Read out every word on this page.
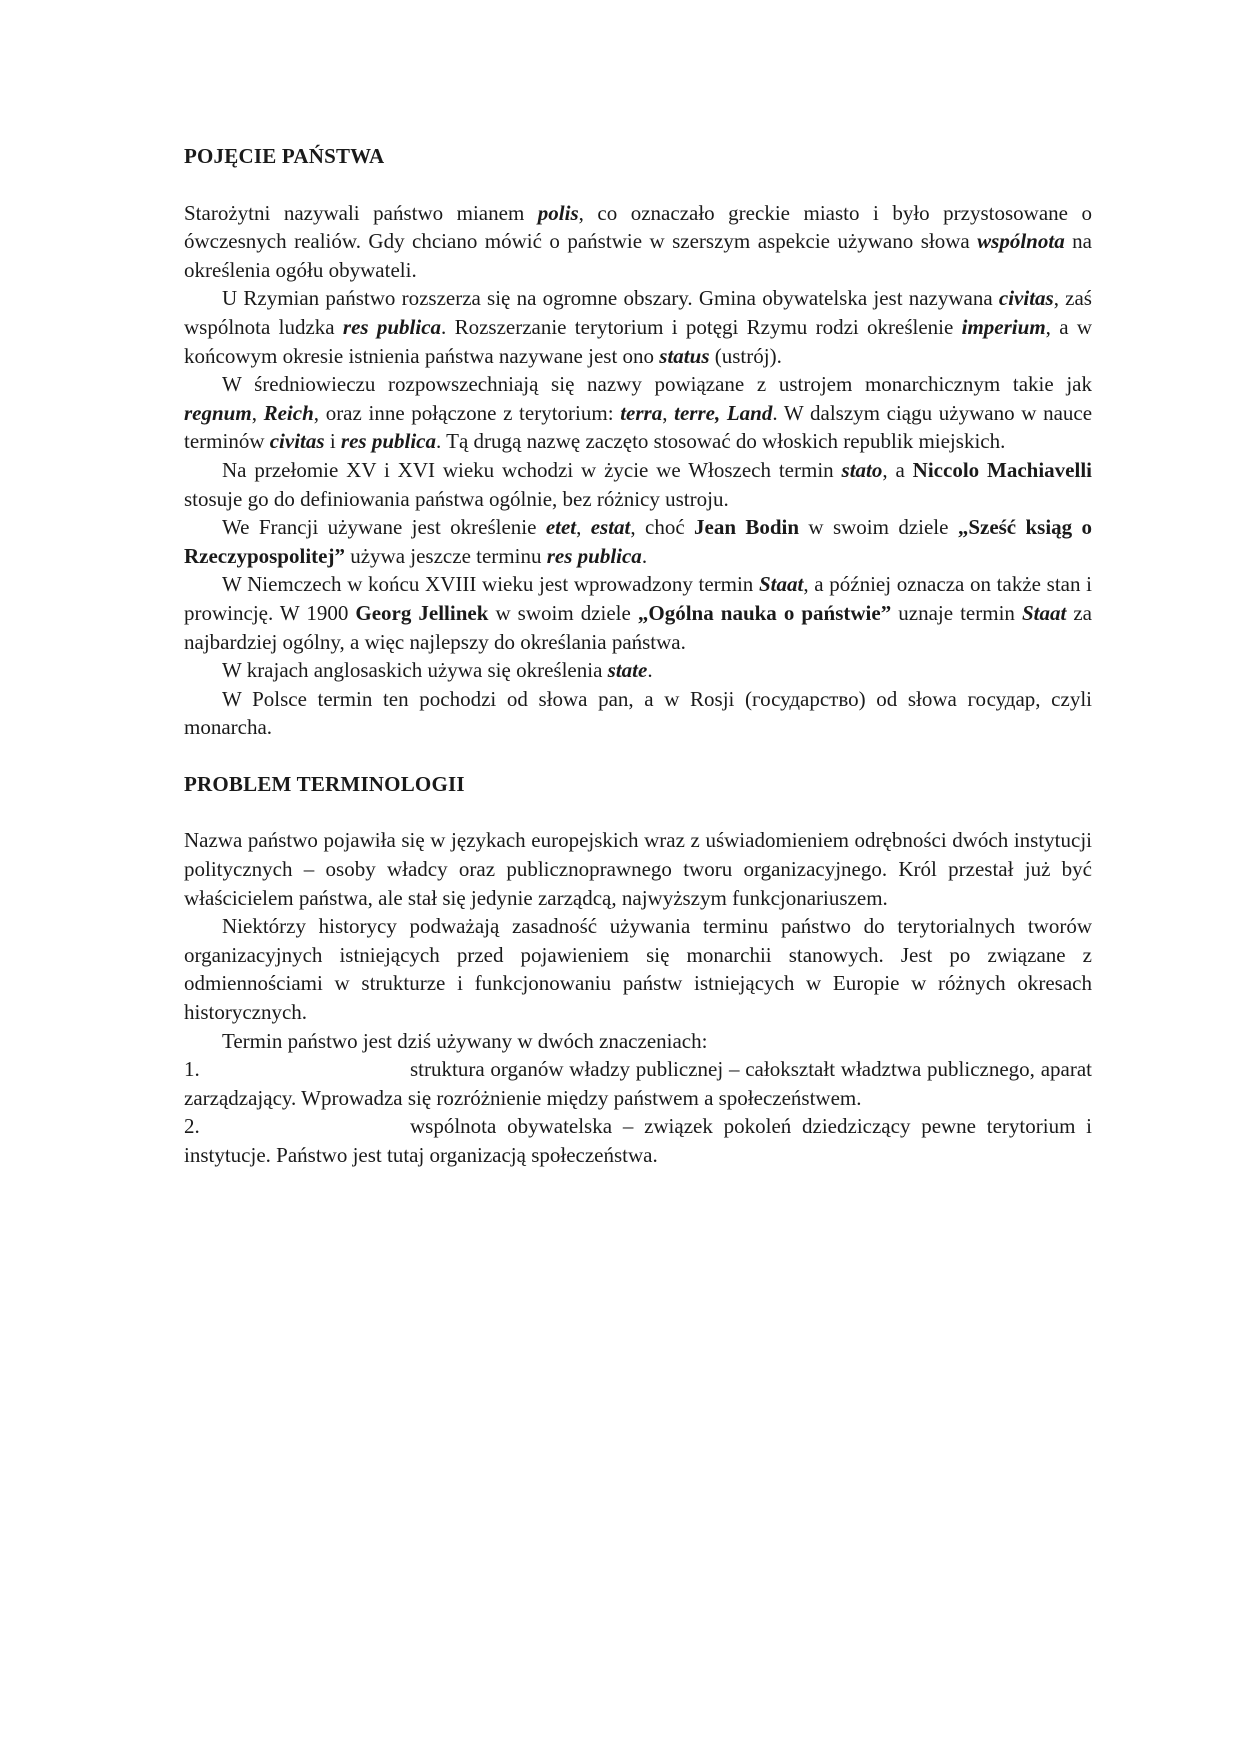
POJĘCIE PAŃSTWA

Starożytni nazywali państwo mianem polis, co oznaczało greckie miasto i było przystosowane o ówczesnych realiów. Gdy chciano mówić o państwie w szerszym aspekcie używano słowa wspólnota na określenia ogółu obywateli.

U Rzymian państwo rozszerza się na ogromne obszary. Gmina obywatelska jest nazywana civitas, zaś wspólnota ludzka res publica. Rozszerzanie terytorium i potęgi Rzymu rodzi określenie imperium, a w końcowym okresie istnienia państwa nazywane jest ono status (ustrój).

W średniowieczu rozpowszechniają się nazwy powiązane z ustrojem monarchicznym takie jak regnum, Reich, oraz inne połączone z terytorium: terra, terre, Land. W dalszym ciągu używano w nauce terminów civitas i res publica. Tą drugą nazwę zaczęto stosować do włoskich republik miejskich.

Na przełomie XV i XVI wieku wchodzi w życie we Włoszech termin stato, a Niccolo Machiavelli stosuje go do definiowania państwa ogólnie, bez różnicy ustroju.

We Francji używane jest określenie etet, estat, choć Jean Bodin w swoim dziele „Sześć ksiąg o Rzeczypospolitej” używa jeszcze terminu res publica.

W Niemczech w końcu XVIII wieku jest wprowadzony termin Staat, a później oznacza on także stan i prowincję. W 1900 Georg Jellinek w swoim dziele „Ogólna nauka o państwie” uznaje termin Staat za najbardziej ogólny, a więc najlepszy do określania państwa.

W krajach anglosaskich używa się określenia state.

W Polsce termin ten pochodzi od słowa pan, a w Rosji (государство) od słowa государ, czyli monarcha.

PROBLEM TERMINOLOGII

Nazwa państwo pojawiła się w językach europejskich wraz z uświadomieniem odrębności dwóch instytucji politycznych – osoby władcy oraz publicznoprawnego tworu organizacyjnego. Król przestał już być właścicielem państwa, ale stał się jedynie zarządcą, najwyższym funkcjonariuszem.

Niektórzy historycy podważają zasadność używania terminu państwo do terytorialnych tworów organizacyjnych istniejących przed pojawieniem się monarchii stanowych. Jest po związane z odmiennościami w strukturze i funkcjonowaniu państw istniejących w Europie w różnych okresach historycznych.

Termin państwo jest dziś używany w dwóch znaczeniach:

1.	struktura organów władzy publicznej – całokształt władztwa publicznego, aparat zarządzający. Wprowadza się rozróżnienie między państwem a społeczeństwem.

2.	wspólnota obywatelska – związek pokoleń dziedziczący pewne terytorium i instytucje. Państwo jest tutaj organizacją społeczeństwa.
